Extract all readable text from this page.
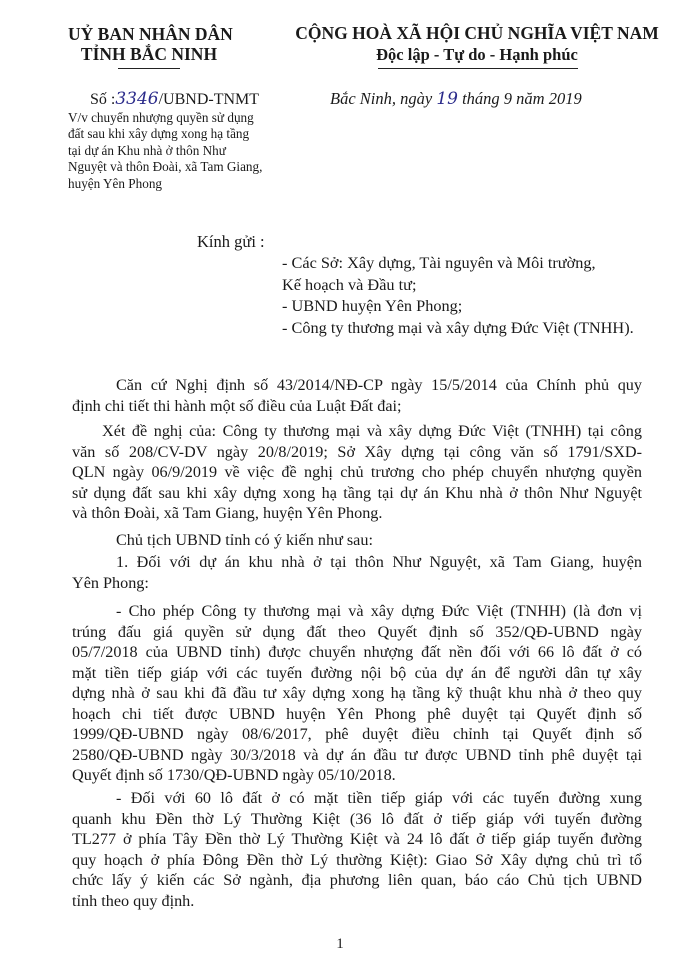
UỶ BAN NHÂN DÂN
TỈNH BẮC NINH
CỘNG HOÀ XÃ HỘI CHỦ NGHĨA VIỆT NAM
Độc lập - Tự do - Hạnh phúc
Số :3346/UBND-TNMT	Bắc Ninh, ngày 19 tháng 9 năm 2019
V/v chuyển nhượng quyền sử dụng
đất sau khi xây dựng xong hạ tầng
tại dự án Khu nhà ở thôn Như
Nguyệt và thôn Đoài, xã Tam Giang,
huyện Yên Phong
Kính gửi :
- Các Sở: Xây dựng, Tài nguyên và Môi trường,
Kế hoạch và Đầu tư;
- UBND huyện Yên Phong;
- Công ty thương mại và xây dựng Đức Việt (TNHH).
Căn cứ Nghị định số 43/2014/NĐ-CP ngày 15/5/2014 của Chính phủ quy
định chi tiết thi hành một số điều của Luật Đất đai;
Xét đề nghị của: Công ty thương mại và xây dựng Đức Việt (TNHH) tại công
văn số 208/CV-DV ngày 20/8/2019; Sở Xây dựng tại công văn số 1791/SXD-
QLN ngày 06/9/2019 về việc đề nghị chủ trương cho phép chuyển nhượng quyền
sử dụng đất sau khi xây dựng xong hạ tầng tại dự án Khu nhà ở thôn Như Nguyệt
và thôn Đoài, xã Tam Giang, huyện Yên Phong.
Chủ tịch UBND tỉnh có ý kiến như sau:
1. Đối với dự án khu nhà ở tại thôn Như Nguyệt, xã Tam Giang, huyện
Yên Phong:
- Cho phép Công ty thương mại và xây dựng Đức Việt (TNHH) (là đơn vị
trúng đấu giá quyền sử dụng đất theo Quyết định số 352/QĐ-UBND ngày
05/7/2018 của UBND tỉnh) được chuyển nhượng đất nền đối với 66 lô đất ở có
mặt tiền tiếp giáp với các tuyến đường nội bộ của dự án để người dân tự xây
dựng nhà ở sau khi đã đầu tư xây dựng xong hạ tầng kỹ thuật khu nhà ở theo quy
hoạch chi tiết được UBND huyện Yên Phong phê duyệt tại Quyết định số
1999/QĐ-UBND ngày 08/6/2017, phê duyệt điều chỉnh tại Quyết định số
2580/QĐ-UBND ngày 30/3/2018 và dự án đầu tư được UBND tỉnh phê duyệt tại
Quyết định số 1730/QĐ-UBND ngày 05/10/2018.
- Đối với 60 lô đất ở có mặt tiền tiếp giáp với các tuyến đường xung
quanh khu Đền thờ Lý Thường Kiệt (36 lô đất ở tiếp giáp với tuyến đường
TL277 ở phía Tây Đền thờ Lý Thường Kiệt và 24 lô đất ở tiếp giáp tuyến đường
quy hoạch ở phía Đông Đền thờ Lý thường Kiệt): Giao Sở Xây dựng chủ trì tổ
chức lấy ý kiến các Sở ngành, địa phương liên quan, báo cáo Chủ tịch UBND
tỉnh theo quy định.
1
